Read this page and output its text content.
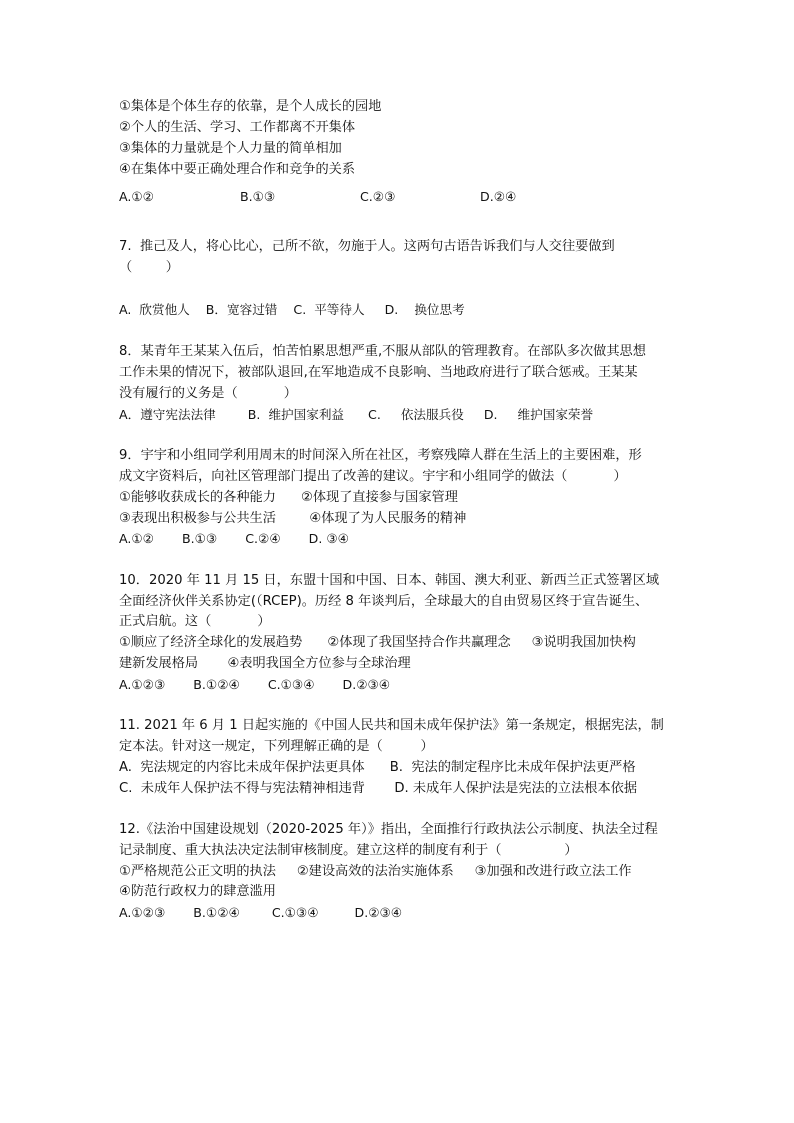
①集体是个体生存的依靠，是个人成长的园地
②个人的生活、学习、工作都离不开集体
③集体的力量就是个人力量的简单相加
④在集体中要正确处理合作和竞争的关系
A.①②	B.①③	C.②③	D.②④
7.  推己及人，将心比心，己所不欲，勿施于人。这两句古语告诉我们与人交往要做到
（        ）
A.  欣赏他人    B．宽容过错    C.  平等待人     D.    换位思考
8．某青年王某某入伍后，怕苦怕累思想严重,不服从部队的管理教育。在部队多次做其思想
工作未果的情况下，被部队退回,在军地造成不良影响、当地政府进行了联合惩戒。王某某
没有履行的义务是（           ）
A．遵守宪法法律        B.  维护国家利益      C.     依法服兵役     D.     维护国家荣誉
9．宇宇和小组同学利用周末的时间深入所在社区，考察残障人群在生活上的主要困难，形
成文字资料后，向社区管理部门提出了改善的建议。宇宇和小组同学的做法（           ）
①能够收获成长的各种能力      ②体现了直接参与国家管理
③表现出积极参与公共生活        ④体现了为人民服务的精神
A.①②       B.①③       C.②④       D. ③④
10．2020 年 11 月 15 日，东盟十国和中国、日本、韩国、澳大利亚、新西兰正式签署区域
全面经济伙伴关系协定(（RCEP)。历经 8 年谈判后，全球最大的自由贸易区终于宣告诞生、
正式启航。这（           ）
①顺应了经济全球化的发展趋势      ②体现了我国坚持合作共赢理念     ③说明我国加快构
建新发展格局       ④表明我国全方位参与全球治理
A.①②③       B.①②④       C.①③④       D.②③④
11. 2021 年 6 月 1 日起实施的《中国人民共和国未成年保护法》第一条规定，根据宪法，制
定本法。针对这一规定，下列理解正确的是（         ）
A.  宪法规定的内容比未成年保护法更具体      B.  宪法的制定程序比未成年保护法更严格
C.  未成年人保护法不得与宪法精神相违背       D. 未成年人保护法是宪法的立法根本依据
12.《法治中国建设规划（2020-2025 年）》指出，全面推行行政执法公示制度、执法全过程
记录制度、重大执法决定法制审核制度。建立这样的制度有利于（               ）
①严格规范公正文明的执法     ②建设高效的法治实施体系     ③加强和改进行政立法工作
④防范行政权力的肆意滥用
A.①②③       B.①②④        C.①③④         D.②③④
